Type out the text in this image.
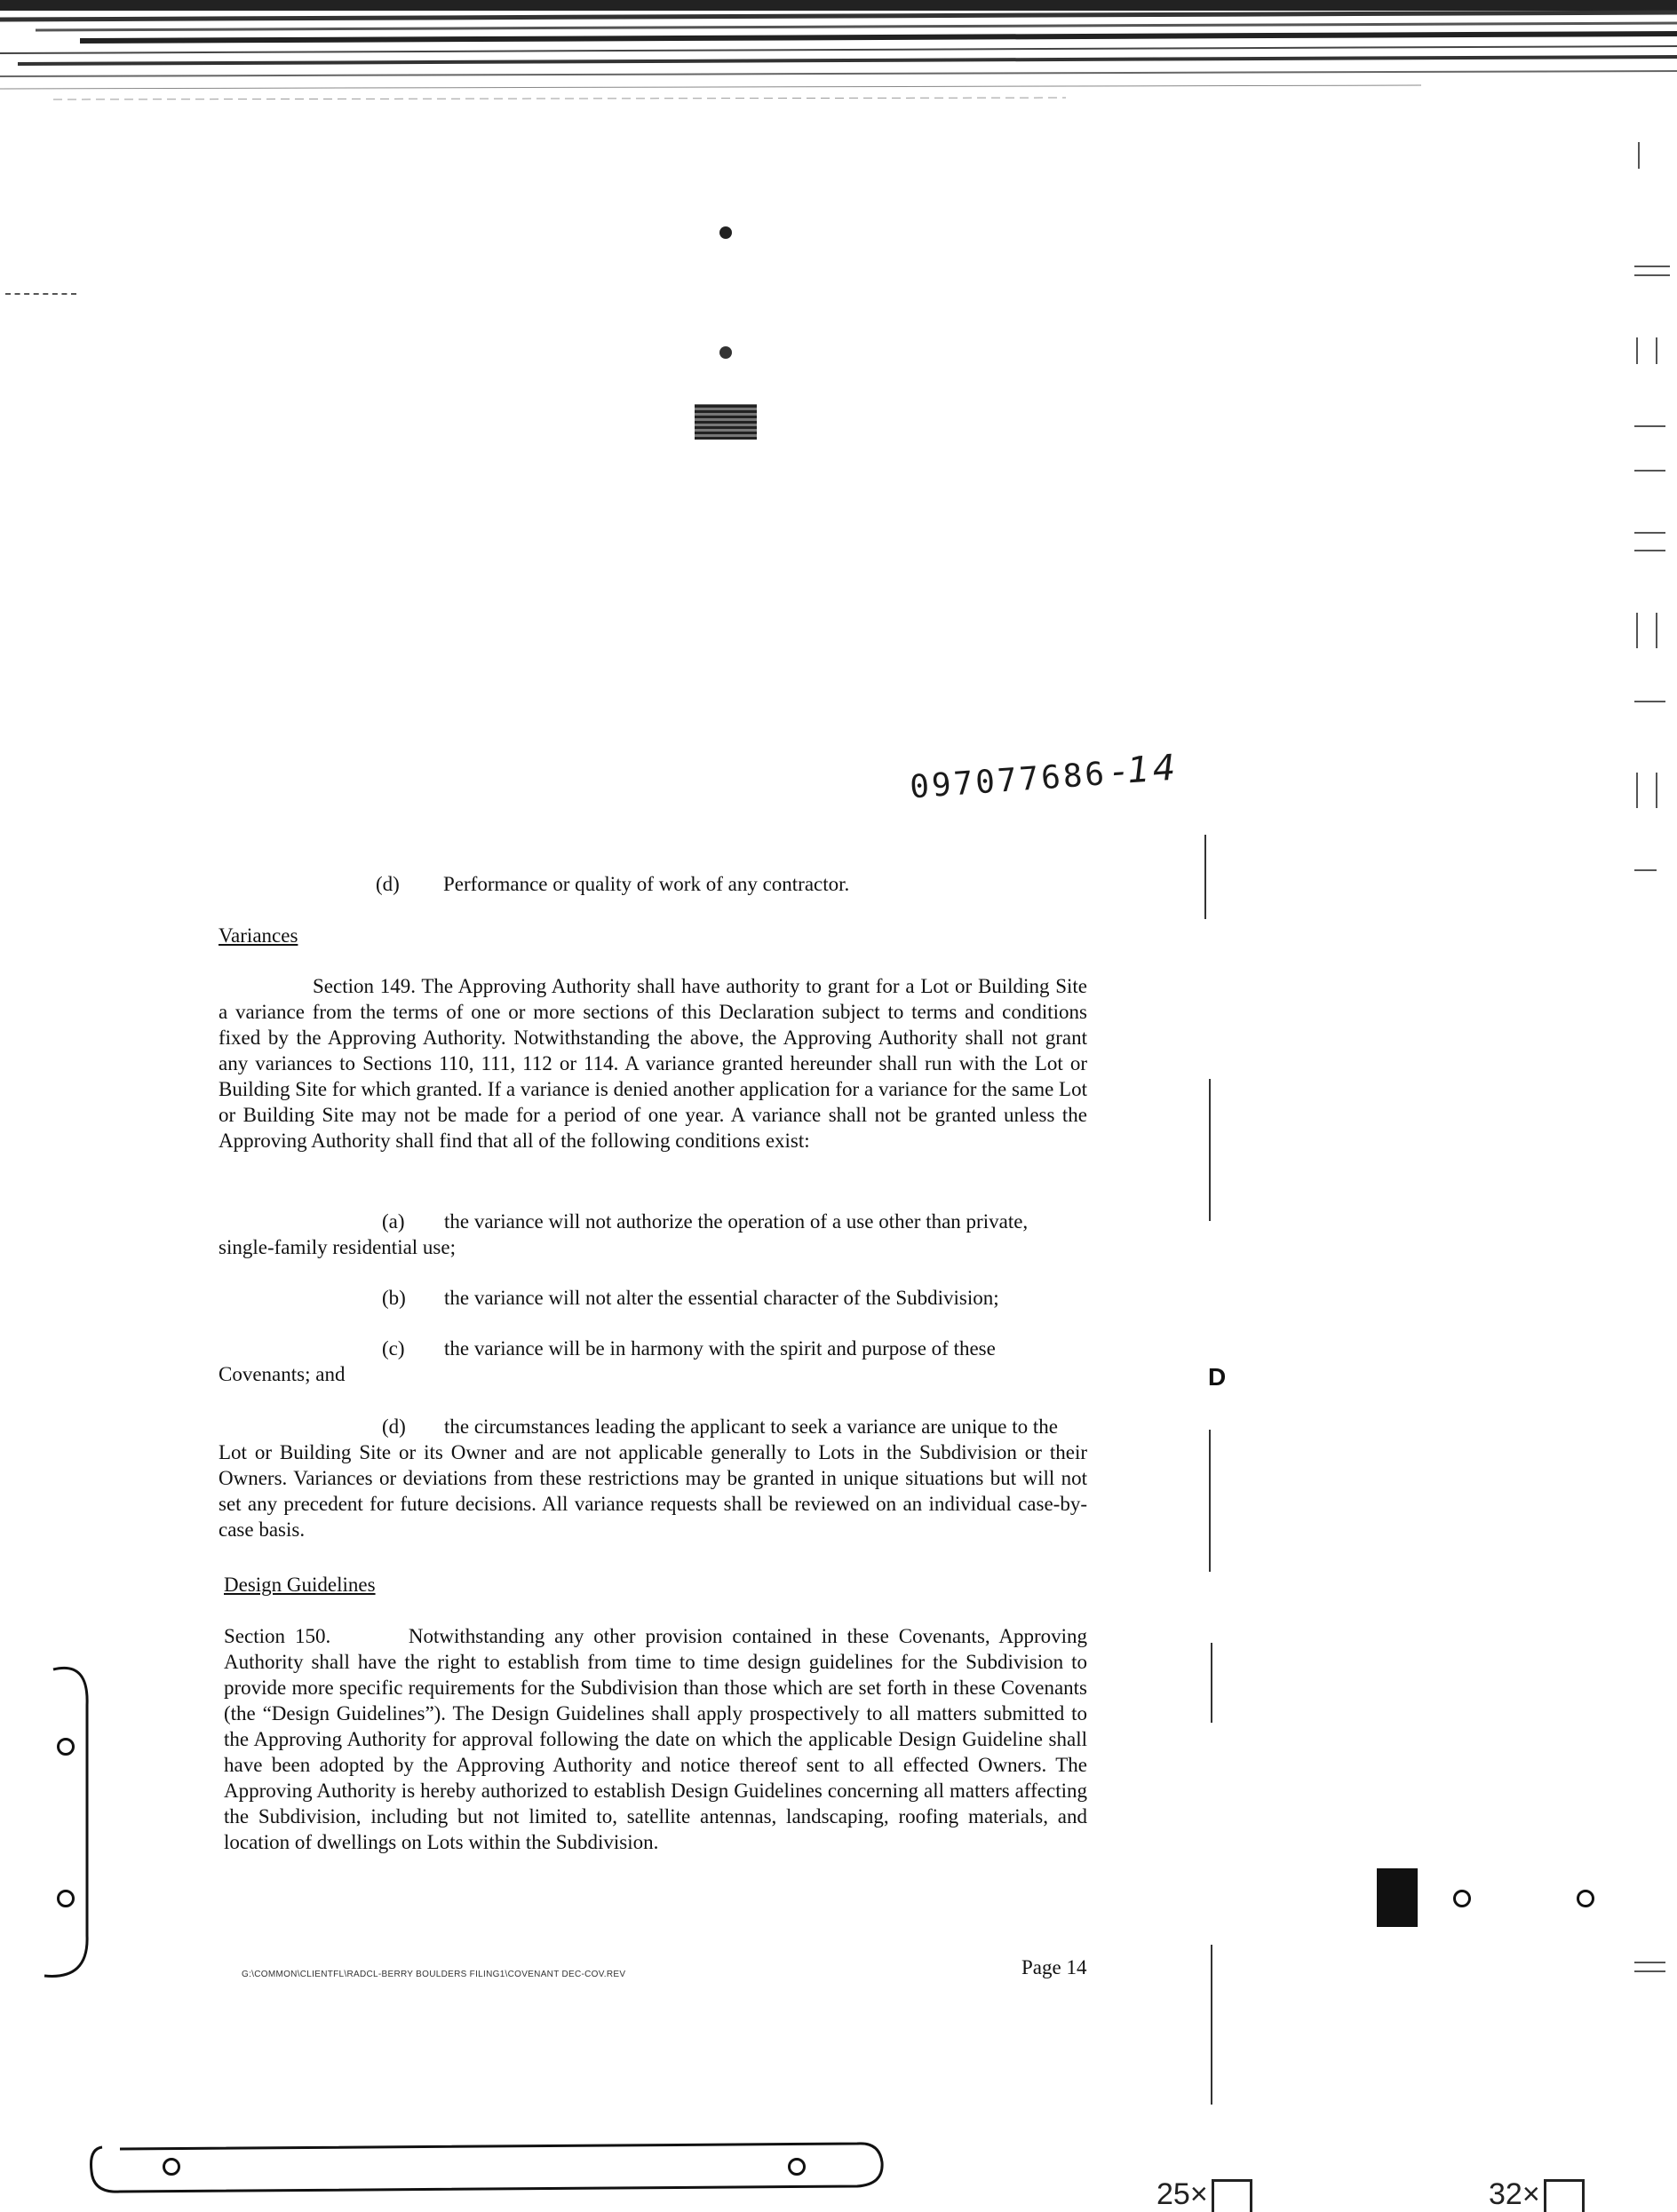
097077686-14
(d) Performance or quality of work of any contractor.
Variances
Section 149. The Approving Authority shall have authority to grant for a Lot or Building Site a variance from the terms of one or more sections of this Declaration subject to terms and conditions fixed by the Approving Authority. Notwithstanding the above, the Approving Authority shall not grant any variances to Sections 110, 111, 112 or 114. A variance granted hereunder shall run with the Lot or Building Site for which granted. If a variance is denied another application for a variance for the same Lot or Building Site may not be made for a period of one year. A variance shall not be granted unless the Approving Authority shall find that all of the following conditions exist:
(a) the variance will not authorize the operation of a use other than private,
single-family residential use;
(b) the variance will not alter the essential character of the Subdivision;
(c) the variance will be in harmony with the spirit and purpose of these
Covenants; and
(d) the circumstances leading the applicant to seek a variance are unique to the
Lot or Building Site or its Owner and are not applicable generally to Lots in the Subdivision or their Owners. Variances or deviations from these restrictions may be granted in unique situations but will not set any precedent for future decisions. All variance requests shall be reviewed on an individual case-by-case basis.
Design Guidelines
Section 150.        Notwithstanding any other provision contained in these Covenants, Approving Authority shall have the right to establish from time to time design guidelines for the Subdivision to provide more specific requirements for the Subdivision than those which are set forth in these Covenants (the “Design Guidelines”). The Design Guidelines shall apply prospectively to all matters submitted to the Approving Authority for approval following the date on which the applicable Design Guideline shall have been adopted by the Approving Authority and notice thereof sent to all effected Owners. The Approving Authority is hereby authorized to establish Design Guidelines concerning all matters affecting the Subdivision, including but not limited to, satellite antennas, landscaping, roofing materials, and location of dwellings on Lots within the Subdivision.
G:\COMMON\CLIENTFL\RADCL-BERRY BOULDERS FILING1\COVENANT DEC-COV.REV	Page 14
D
25×	32×
